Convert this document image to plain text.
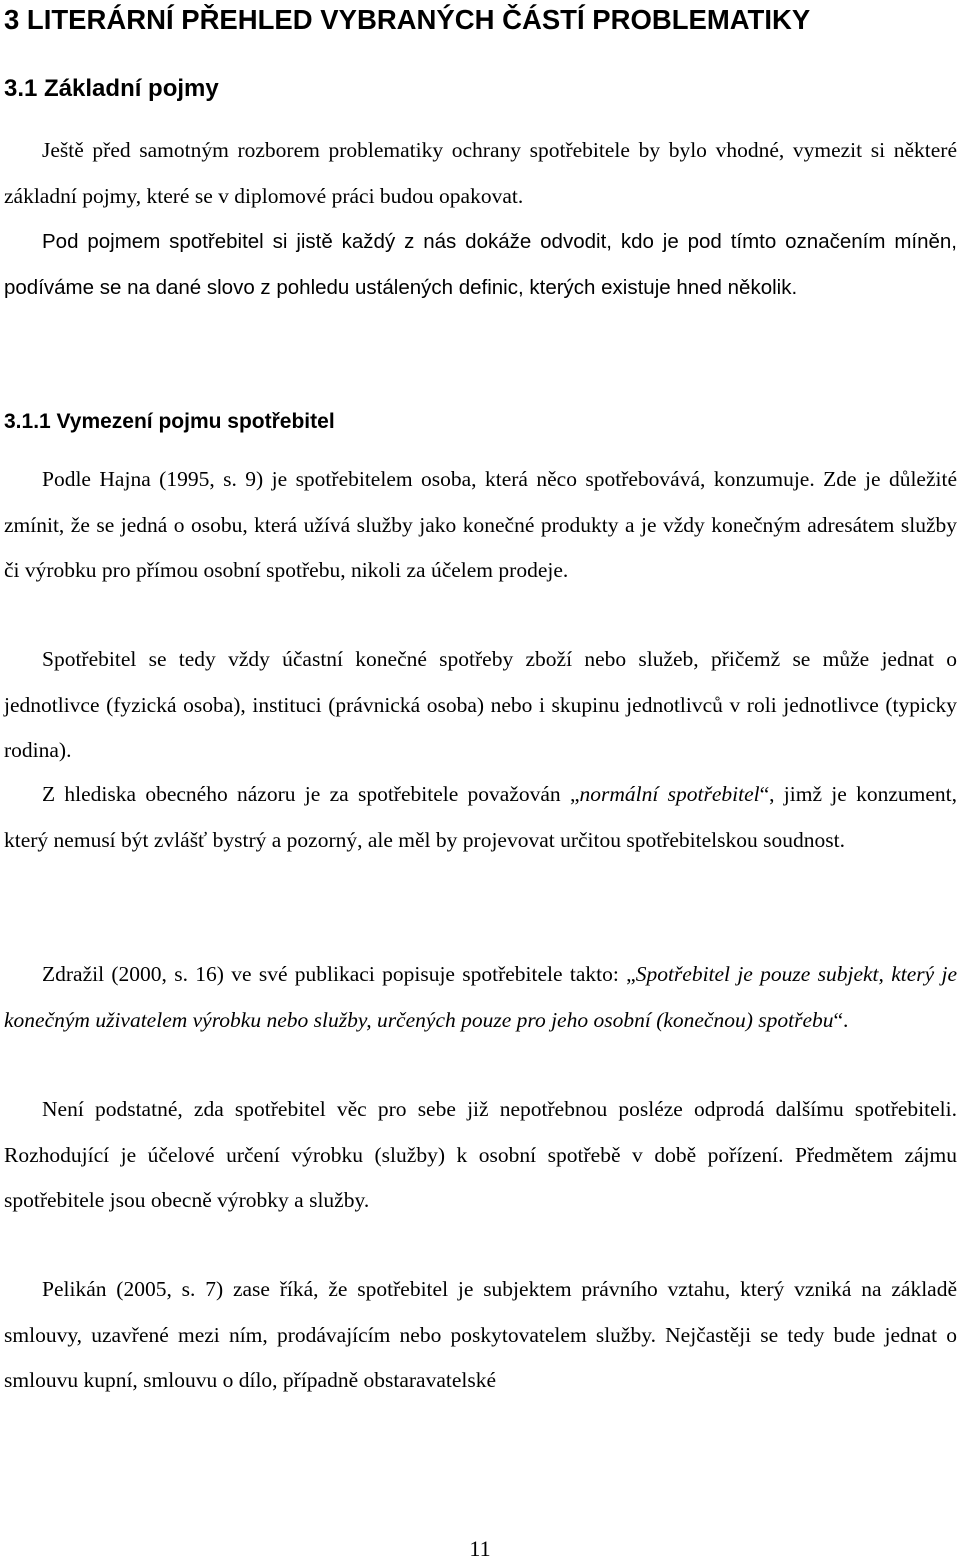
3 LITERÁRNÍ PŘEHLED VYBRANÝCH ČÁSTÍ PROBLEMATIKY
3.1 Základní pojmy

Ještě před samotným rozborem problematiky ochrany spotřebitele by bylo vhodné, vymezit si některé základní pojmy, které se v diplomové práci budou opakovat.

Pod pojmem spotřebitel si jistě každý z nás dokáže odvodit, kdo je pod tímto označením míněn, podíváme se na dané slovo z pohledu ustálených definic, kterých existuje hned několik.

3.1.1 Vymezení pojmu spotřebitel

Podle Hajna (1995, s. 9) je spotřebitelem osoba, která něco spotřebovává, konzumuje. Zde je důležité zmínit, že se jedná o osobu, která užívá služby jako konečné produkty a je vždy konečným adresátem služby či výrobku pro přímou osobní spotřebu, nikoli za účelem prodeje.

Spotřebitel se tedy vždy účastní konečné spotřeby zboží nebo služeb, přičemž se může jednat o jednotlivce (fyzická osoba), instituci (právnická osoba) nebo i skupinu jednotlivců v roli jednotlivce (typicky rodina).

Z hlediska obecného názoru je za spotřebitele považován „normální spotřebitel“, jimž je konzument, který nemusí být zvlášť bystrý a pozorný, ale měl by projevovat určitou spotřebitelskou soudnost.

Zdražil (2000, s. 16) ve své publikaci popisuje spotřebitele takto: „Spotřebitel je pouze subjekt, který je konečným uživatelem výrobku nebo služby, určených pouze pro jeho osobní (konečnou) spotřebu“.

Není podstatné, zda spotřebitel věc pro sebe již nepotřebnou posléze odprodá dalšímu spotřebiteli. Rozhodující je účelové určení výrobku (služby) k osobní spotřebě v době pořízení. Předmětem zájmu spotřebitele jsou obecně výrobky a služby.

Pelikán (2005, s. 7) zase říká, že spotřebitel je subjektem právního vztahu, který vzniká na základě smlouvy, uzavřené mezi ním, prodávajícím nebo poskytovatelem služby. Nejčastěji se tedy bude jednat o smlouvu kupní, smlouvu o dílo, případně obstaravatelské

11
